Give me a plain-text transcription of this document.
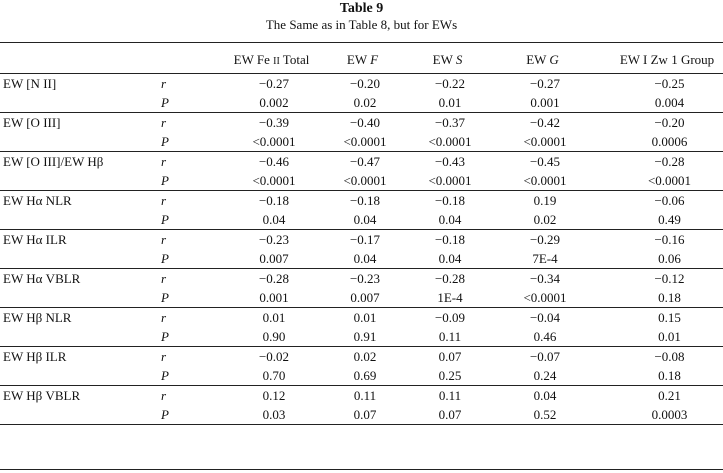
Table 9
The Same as in Table 8, but for EWs
		EW Fe II Total	EW F	EW S	EW G	EW I Zw 1 Group
EW [N II]	r	−0.27	−0.20	−0.22	−0.27	−0.25
	P	0.002	0.02	0.01	0.001	0.004
EW [O III]	r	−0.39	−0.40	−0.37	−0.42	−0.20
	P	<0.0001	<0.0001	<0.0001	<0.0001	0.0006
EW [O III]/EW Hβ	r	−0.46	−0.47	−0.43	−0.45	−0.28
	P	<0.0001	<0.0001	<0.0001	<0.0001	<0.0001
EW Hα NLR	r	−0.18	−0.18	−0.18	0.19	−0.06
	P	0.04	0.04	0.04	0.02	0.49
EW Hα ILR	r	−0.23	−0.17	−0.18	−0.29	−0.16
	P	0.007	0.04	0.04	7E-4	0.06
EW Hα VBLR	r	−0.28	−0.23	−0.28	−0.34	−0.12
	P	0.001	0.007	1E-4	<0.0001	0.18
EW Hβ NLR	r	0.01	0.01	−0.09	−0.04	0.15
	P	0.90	0.91	0.11	0.46	0.01
EW Hβ ILR	r	−0.02	0.02	0.07	−0.07	−0.08
	P	0.70	0.69	0.25	0.24	0.18
EW Hβ VBLR	r	0.12	0.11	0.11	0.04	0.21
	P	0.03	0.07	0.07	0.52	0.0003
